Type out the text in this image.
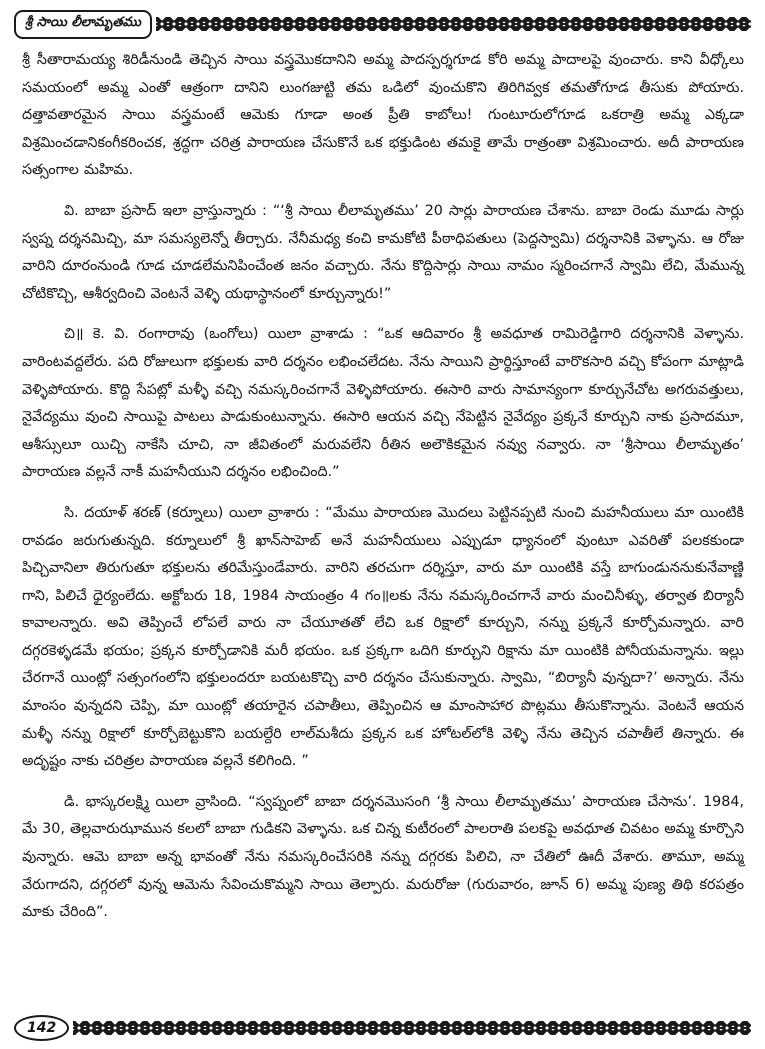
శ్రీ సాయి లీలామృతము

శ్రీ సీతారామయ్య శిరిడీనుండి తెచ్చిన సాయి వస్త్రమొకదానిని అమ్మ పాదస్పర్శగూడ కోరి అమ్మ పాదాలపై వుంచారు. కాని వీధ్కోలు సమయంలో అమ్మ ఎంతో ఆత్రంగా దానిని లుంగజుట్టి తమ ఒడిలో వుంచుకొని తిరిగివ్వక తమతోగూడ తీసుకు పోయారు. దత్తావతారమైన సాయి వస్త్రమంటే ఆమెకు గూడా అంత ప్రీతి కాబోలు! గుంటూరులోగూడ ఒకరాత్రి అమ్మ ఎక్కడా విశ్రమించడానికంగీకరించక, శ్రద్ధగా చరిత్ర పారాయణ చేసుకొనే ఒక భక్తుడింట తమకై తామే రాత్రంతా విశ్రమించారు. అదీ పారాయణ సత్సంగాల మహిమ.

వి. బాబా ప్రసాద్ ఇలా వ్రాస్తున్నారు : “‘శ్రీ సాయి లీలామృతము’ 20 సార్లు పారాయణ చేశాను. బాబా రెండు మూడు సార్లు స్వప్న దర్శనమిచ్చి, మా సమస్యలెన్నో తీర్చారు. నేనీమధ్య కంచి కామకోటి పీఠాధిపతులు (పెద్దస్వామి) దర్శనానికి వెళ్ళాను. ఆ రోజు వారిని దూరంనుండి గూడ చూడలేమనిపించేంత జనం వచ్చారు. నేను కొద్దిసార్లు సాయి నామం స్మరించగానే స్వామి లేచి, మేమున్న చోటికొచ్చి, ఆశీర్వదించి వెంటనే వెళ్ళి యథాస్థానంలో కూర్చున్నారు!”

చి॥ కె. వి. రంగారావు (ఒంగోలు) యిలా వ్రాశాడు : “ఒక ఆదివారం శ్రీ అవధూత రామిరెడ్డిగారి దర్శనానికి వెళ్ళాను. వారింటవద్దలేరు. పది రోజులుగా భక్తులకు వారి దర్శనం లభించలేదట. నేను సాయిని ప్రార్థిస్తూంటే వారొకసారి వచ్చి కోపంగా మాట్లాడి వెళ్ళిపోయారు. కొద్ది సేపట్లో మళ్ళీ వచ్చి నమస్కరించగానే వెళ్ళిపోయారు. ఈసారి వారు సామాన్యంగా కూర్చునేచోట అగరువత్తులు, నైవేద్యము వుంచి సాయిపై పాటలు పాడుకుంటున్నాను. ఈసారి ఆయన వచ్చి నేపెట్టిన నైవేద్యం ప్రక్కనే కూర్చుని నాకు ప్రసాదమూ, ఆశీస్సులూ యిచ్చి నాకేసి చూచి, నా జీవితంలో మరువలేని రీతిన అలౌకికమైన నవ్వు నవ్వారు. నా ‘శ్రీసాయి లీలామృతం’ పారాయణ వల్లనే నాకీ మహనీయుని దర్శనం లభించింది.”

సి. దయాళ్ శరణ్ (కర్నూలు) యిలా వ్రాశారు : “మేము పారాయణ మొదలు పెట్టినప్పటి నుంచి మహనీయులు మా యింటికి రావడం జరుగుతున్నది. కర్నూలులో శ్రీ ఖాన్‌సాహెబ్ అనే మహనీయులు ఎప్పుడూ ధ్యానంలో వుంటూ ఎవరితో పలకకుండా పిచ్చివానిలా తిరుగుతూ భక్తులను తరిమేస్తుండేవారు. వారిని తరచుగా దర్శిస్తూ, వారు మా యింటికి వస్తే బాగుండుననుకునేవాణ్ణి గాని, పిలిచే ధైర్యంలేదు. అక్టోబరు 18, 1984 సాయంత్రం 4 గం॥లకు నేను నమస్కరించగానే వారు మంచినీళ్ళు, తర్వాత బిర్యానీ కావాలన్నారు. అవి తెప్పించే లోపలే వారు నా చేయూతతో లేచి ఒక రిక్షాలో కూర్చుని, నన్ను ప్రక్కనే కూర్చోమన్నారు. వారి దగ్గరకెళ్ళడమే భయం; ప్రక్కన కూర్చోడానికి మరీ భయం. ఒక ప్రక్కగా ఒదిగి కూర్చుని రిక్షాను మా యింటికి పోనీయమన్నాను. ఇల్లు చేరగానే యింట్లో సత్సంగంలోని భక్తులందరూ బయటకొచ్చి వారి దర్శనం చేసుకున్నారు. స్వామి, “బిర్యానీ వున్నదా?’ అన్నారు. నేను మాంసం వున్నదని చెప్పి, మా యింట్లో తయారైన చపాతీలు, తెప్పించిన ఆ మాంసాహార పొట్లము తీసుకొన్నాను. వెంటనే ఆయన మళ్ళీ నన్ను రిక్షాలో కూర్చోబెట్టుకొని బయల్దేరి లాల్‌మశీదు ప్రక్కన ఒక హోటల్‌లోకి వెళ్ళి నేను తెచ్చిన చపాతీలే తిన్నారు. ఈ అదృష్టం నాకు చరిత్రల పారాయణ వల్లనే కలిగింది. ”

డి. భాస్కరలక్ష్మి యిలా వ్రాసింది. “స్వప్నంలో బాబా దర్శనమొసంగి ‘శ్రీ సాయి లీలామృతము’ పారాయణ చేసాను’. 1984, మే 30, తెల్లవారుఝామున కలలో బాబా గుడికని వెళ్ళాను. ఒక చిన్న కుటీరంలో పాలరాతి పలకపై అవధూత చివటం అమ్మ కూర్చొని వున్నారు. ఆమె బాబా అన్న భావంతో నేను నమస్కరించేసరికి నన్ను దగ్గరకు పిలిచి, నా చేతిలో ఊదీ వేశారు. తామూ, అమ్మ వేరుగాదని, దగ్గరలో వున్న ఆమెను సేవించుకొమ్మని సాయి తెల్పారు. మరురోజు (గురువారం, జూన్ 6) అమ్మ పుణ్య తిథి కరపత్రం మాకు చేరింది”.

142
